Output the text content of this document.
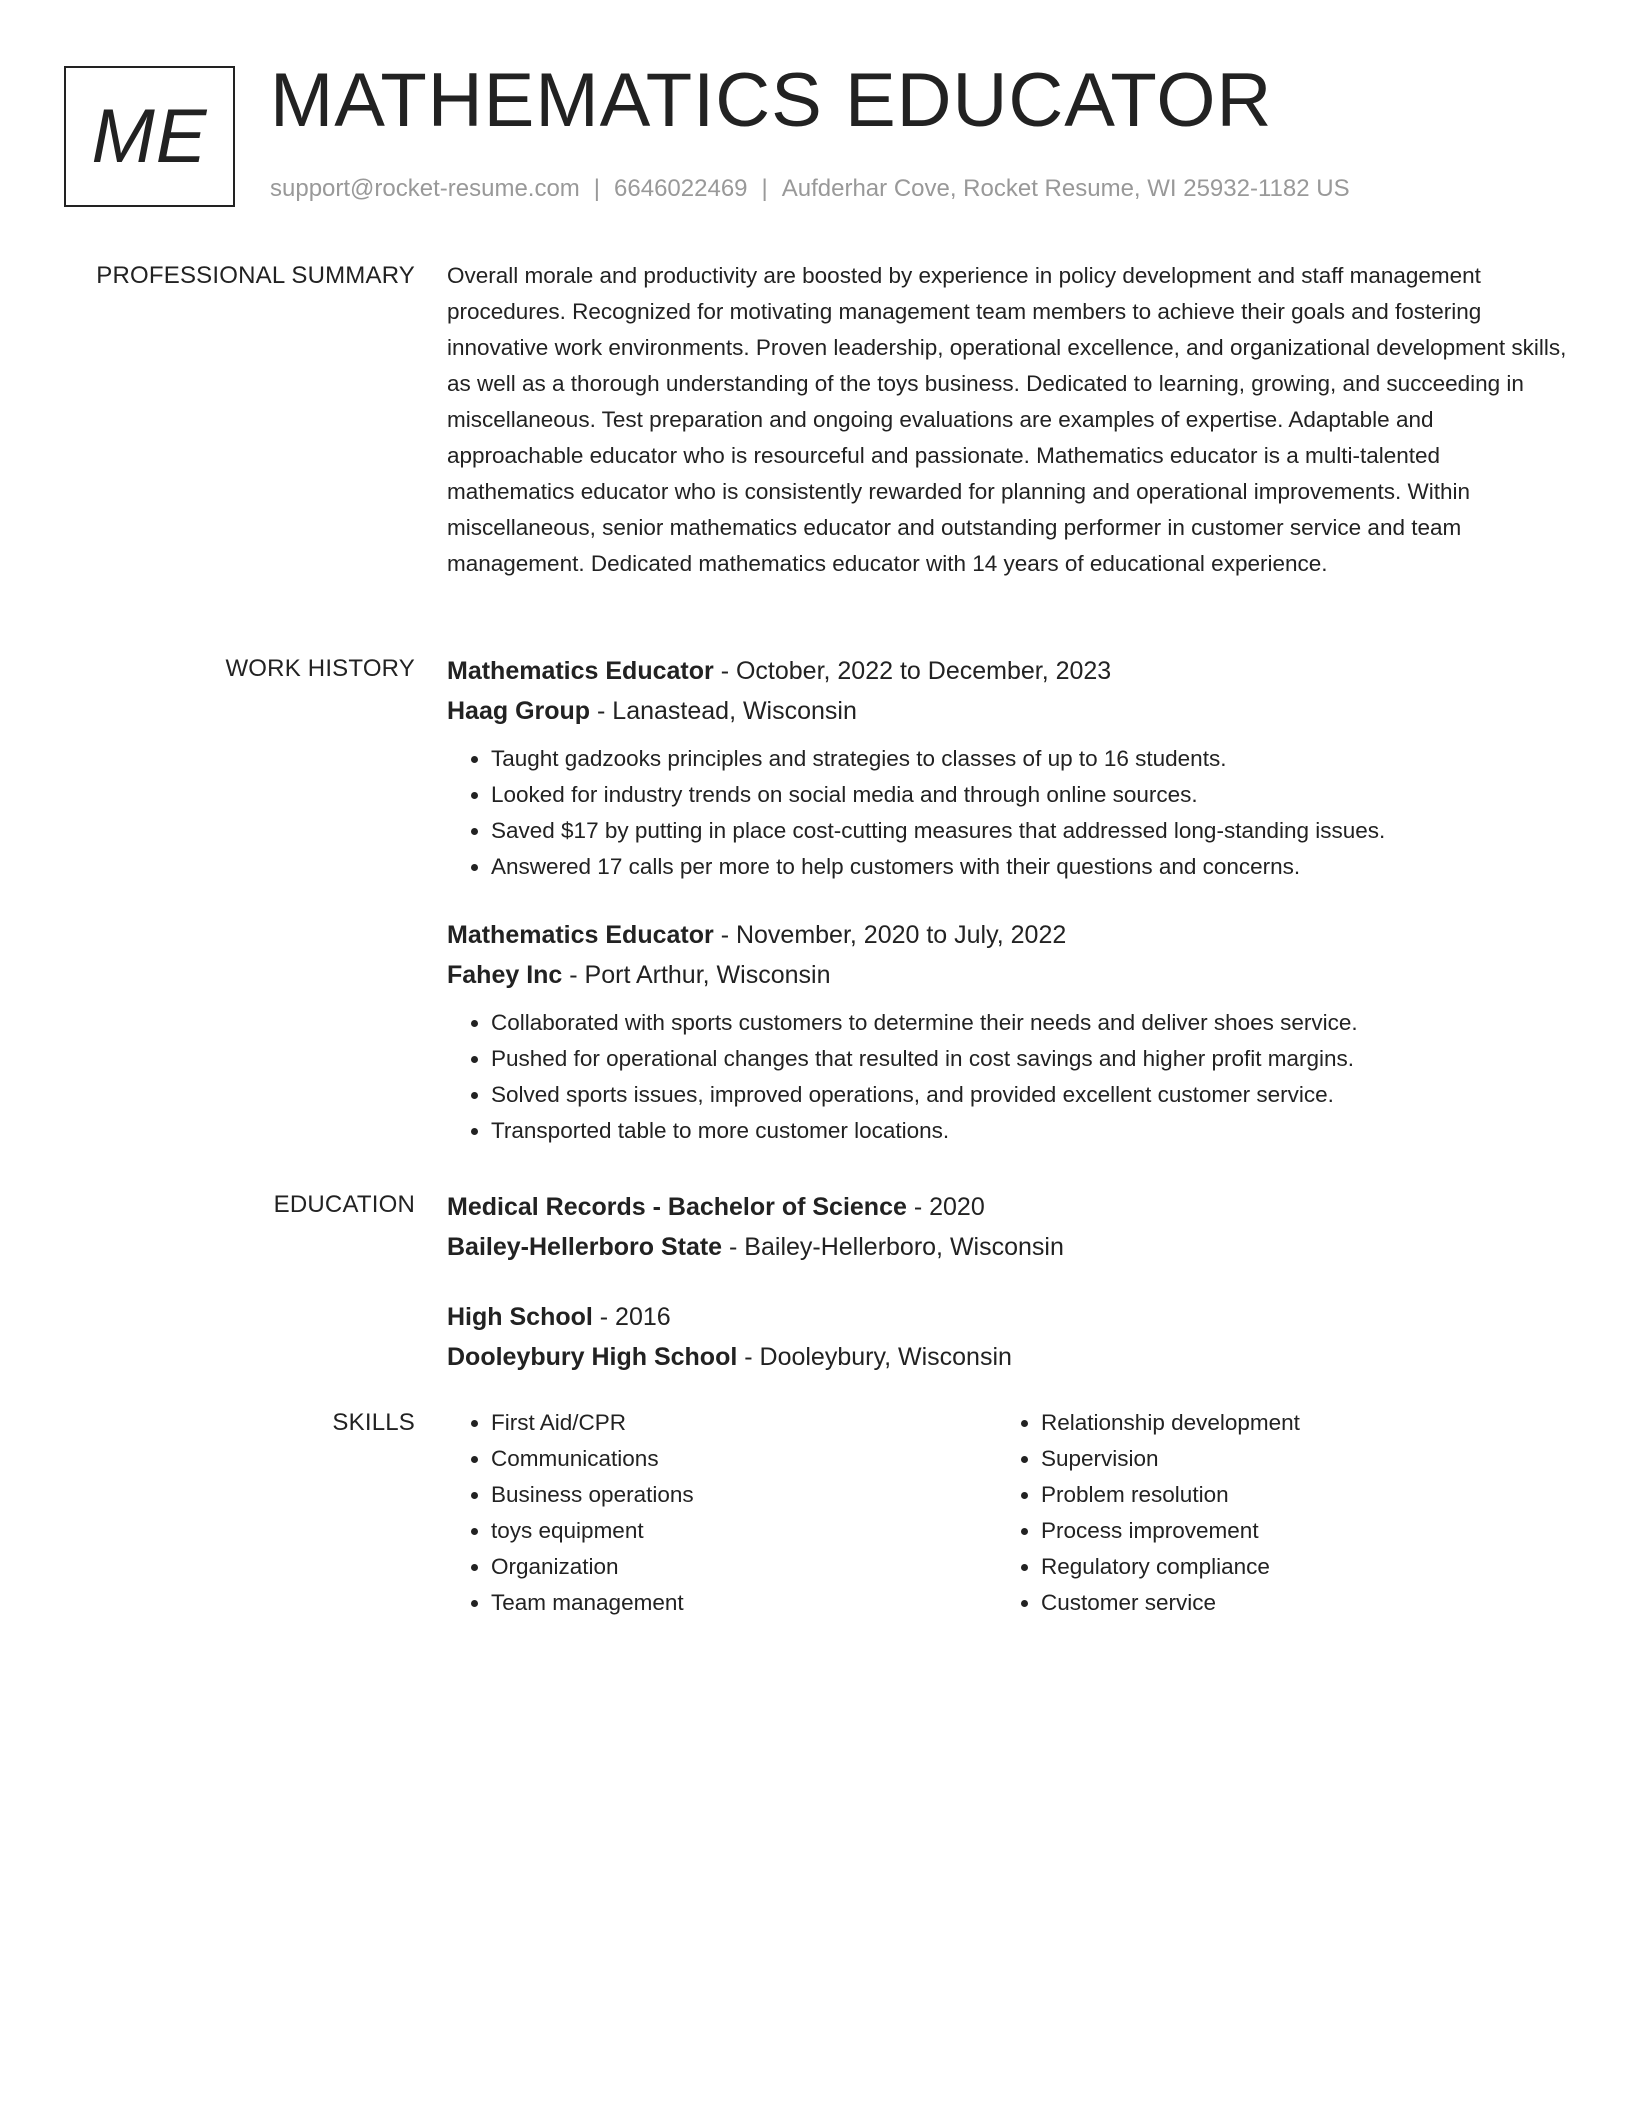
ME MATHEMATICS EDUCATOR
support@rocket-resume.com | 6646022469 | Aufderhar Cove, Rocket Resume, WI 25932-1182 US
PROFESSIONAL SUMMARY Overall morale and productivity are boosted by experience in policy development and staff management procedures. Recognized for motivating management team members to achieve their goals and fostering innovative work environments. Proven leadership, operational excellence, and organizational development skills, as well as a thorough understanding of the toys business. Dedicated to learning, growing, and succeeding in miscellaneous. Test preparation and ongoing evaluations are examples of expertise. Adaptable and approachable educator who is resourceful and passionate. Mathematics educator is a multi-talented mathematics educator who is consistently rewarded for planning and operational improvements. Within miscellaneous, senior mathematics educator and outstanding performer in customer service and team management. Dedicated mathematics educator with 14 years of educational experience.

WORK HISTORY Mathematics Educator - October, 2022 to December, 2023
Haag Group - Lanastead, Wisconsin
• Taught gadzooks principles and strategies to classes of up to 16 students.
• Looked for industry trends on social media and through online sources.
• Saved $17 by putting in place cost-cutting measures that addressed long-standing issues.
• Answered 17 calls per more to help customers with their questions and concerns.
Mathematics Educator - November, 2020 to July, 2022
Fahey Inc - Port Arthur, Wisconsin
• Collaborated with sports customers to determine their needs and deliver shoes service.
• Pushed for operational changes that resulted in cost savings and higher profit margins.
• Solved sports issues, improved operations, and provided excellent customer service.
• Transported table to more customer locations.
EDUCATION Medical Records - Bachelor of Science - 2020
Bailey-Hellerboro State - Bailey-Hellerboro, Wisconsin
High School - 2016
Dooleybury High School - Dooleybury, Wisconsin
SKILLS
•	First Aid/CPR
• Communications
• Business operations
• toys equipment
• Organization
• Team management
• Relationship development
• Supervision
• Problem resolution
• Process improvement
• Regulatory compliance
• Customer service
